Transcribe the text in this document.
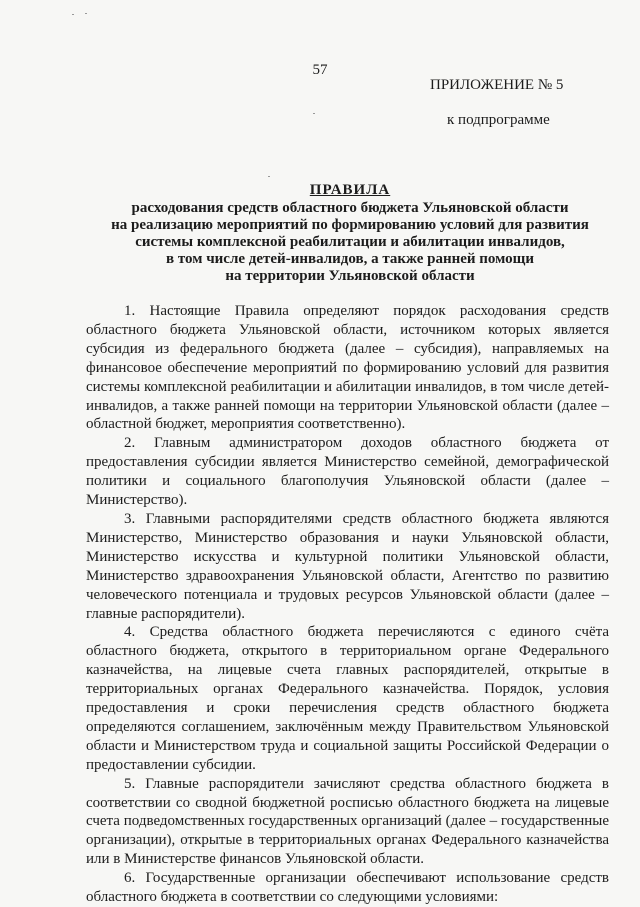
57
ПРИЛОЖЕНИЕ № 5
к подпрограмме
ПРАВИЛА
расходования средств областного бюджета Ульяновской области
на реализацию мероприятий по формированию условий для развития
системы комплексной реабилитации и абилитации инвалидов,
в том числе детей-инвалидов, а также ранней помощи
на территории Ульяновской области

1. Настоящие Правила определяют порядок расходования средств областного бюджета Ульяновской области, источником которых является субсидия из федерального бюджета (далее – субсидия), направляемых на финансовое обеспечение мероприятий по формированию условий для развития системы комплексной реабилитации и абилитации инвалидов, в том числе детей-инвалидов, а также ранней помощи на территории Ульяновской области (далее – областной бюджет, мероприятия соответственно).

2. Главным администратором доходов областного бюджета от предоставления субсидии является Министерство семейной, демографической политики и социального благополучия Ульяновской области (далее – Министерство).

3. Главными распорядителями средств областного бюджета являются Министерство, Министерство образования и науки Ульяновской области, Министерство искусства и культурной политики Ульяновской области, Министерство здравоохранения Ульяновской области, Агентство по развитию человеческого потенциала и трудовых ресурсов Ульяновской области (далее – главные распорядители).

4. Средства областного бюджета перечисляются с единого счёта областного бюджета, открытого в территориальном органе Федерального казначейства, на лицевые счета главных распорядителей, открытые в территориальных органах Федерального казначейства. Порядок, условия предоставления и сроки перечисления средств областного бюджета определяются соглашением, заключённым между Правительством Ульяновской области и Министерством труда и социальной защиты Российской Федерации о предоставлении субсидии.

5. Главные распорядители зачисляют средства областного бюджета в соответствии со сводной бюджетной росписью областного бюджета на лицевые счета подведомственных государственных организаций (далее – государственные организации), открытые в территориальных органах Федерального казначейства или в Министерстве финансов Ульяновской области.

6. Государственные организации обеспечивают использование средств областного бюджета в соответствии со следующими условиями:
